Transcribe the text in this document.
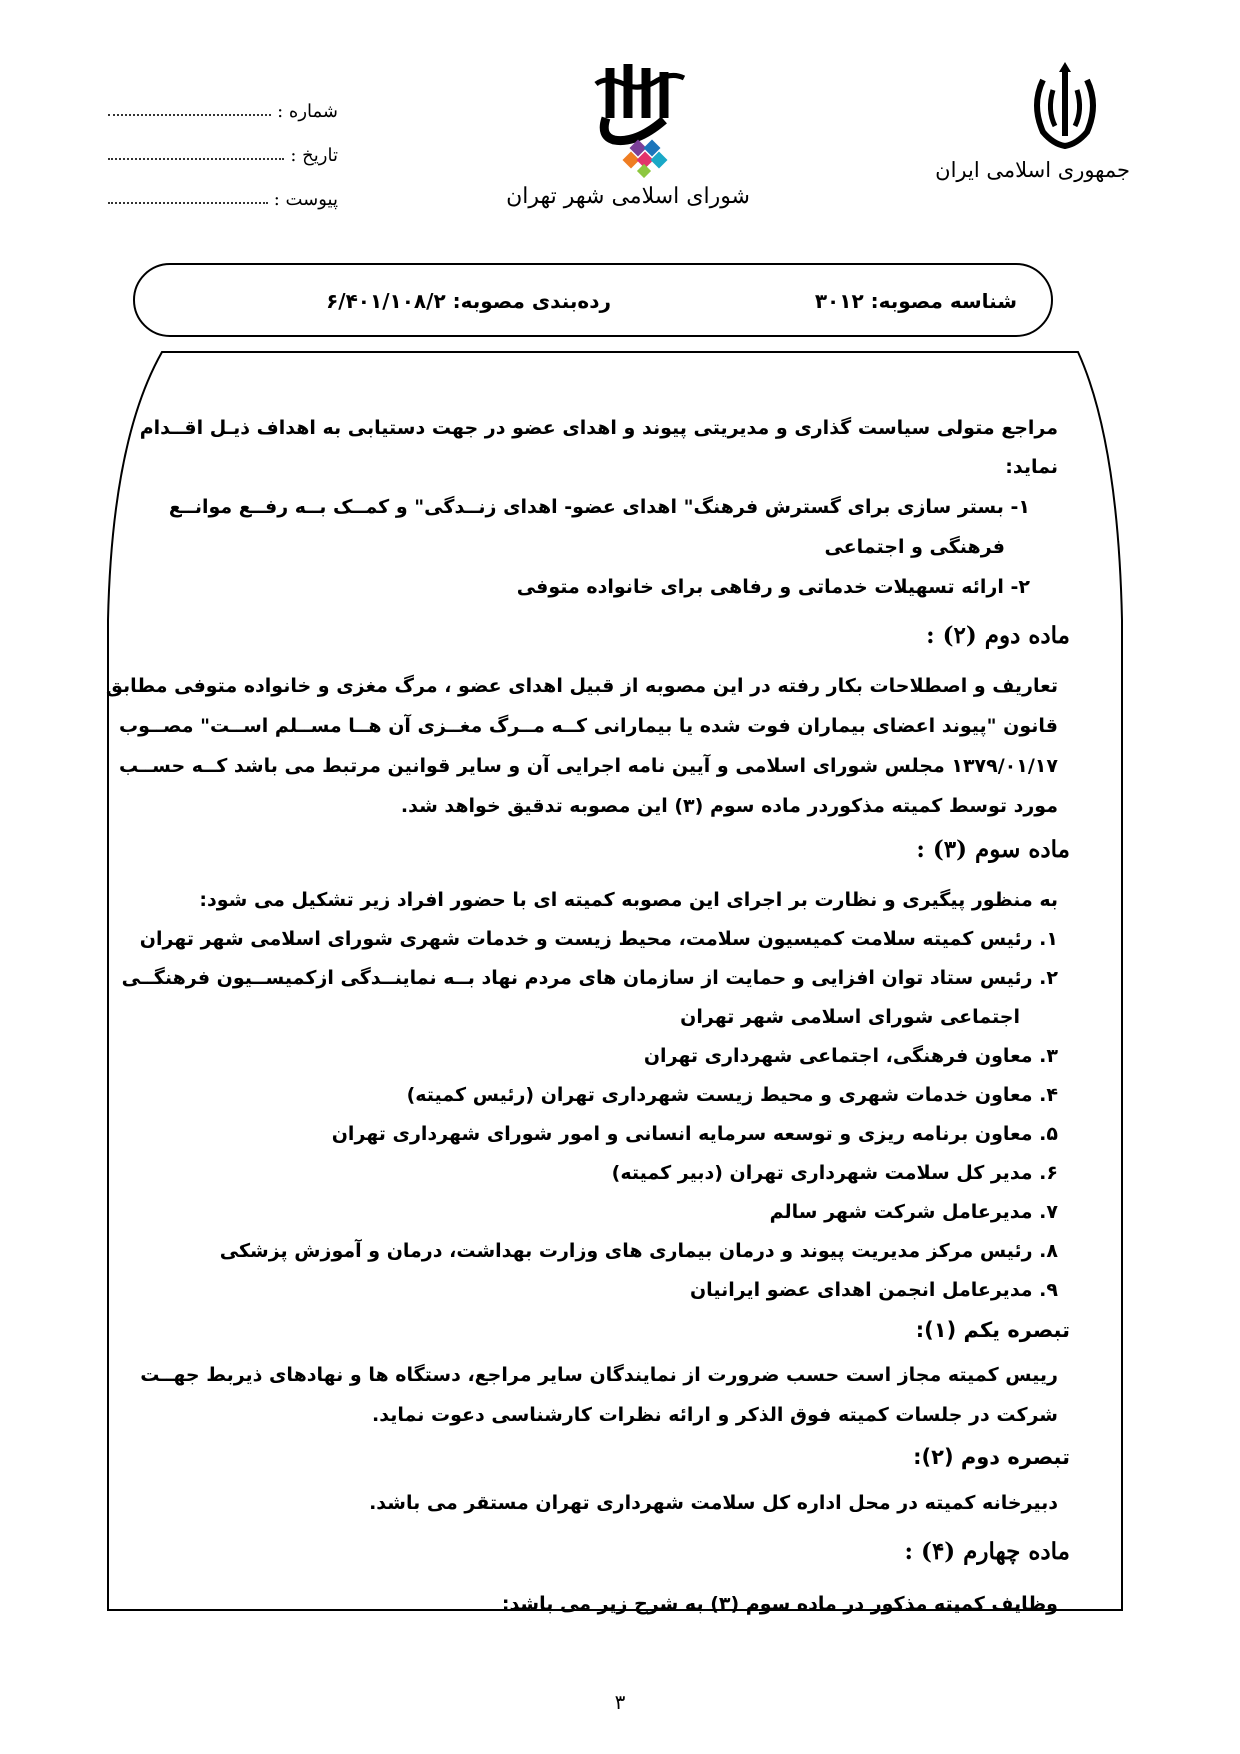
جمهوری اسلامی ایران
شورای اسلامی شهر تهران
شماره :
تاریخ :
پیوست :
شناسه مصوبه: ۳۰۱۲
رده‌بندی مصوبه: ۶/۴۰۱/۱۰۸/۲
مراجع متولی سیاست گذاری و مدیریتی پیوند و اهدای عضو در جهت دستیابی به اهداف ذیـل اقــدام
نماید:
۱- بستر سازی برای گسترش فرهنگ" اهدای عضو- اهدای زنــدگی" و کمــک بــه رفــع موانــع
فرهنگی و اجتماعی
۲- ارائه تسهیلات خدماتی و رفاهی برای خانواده متوفی
ماده دوم (۲) :
تعاریف و اصطلاحات بکار رفته در این مصوبه از قبیل اهدای عضو ، مرگ مغزی و خانواده متوفی مطابق
قانون "پیوند اعضای بیماران فوت شده یا بیمارانی کــه مــرگ مغــزی آن هــا مســلم اســت" مصــوب
۱۳۷۹/۰۱/۱۷ مجلس شورای اسلامی و آیین نامه اجرایی آن و سایر قوانین مرتبط می باشد کــه حســب
مورد توسط کمیته مذکوردر ماده سوم (۳) این مصوبه تدقیق خواهد شد.
ماده سوم (۳) :
به منظور پیگیری و نظارت بر اجرای این مصوبه کمیته ای با حضور افراد زیر تشکیل می شود:
۱. رئیس کمیته سلامت کمیسیون سلامت، محیط زیست و خدمات شهری شورای اسلامی شهر تهران
۲. رئیس ستاد توان افزایی و حمایت از سازمان های مردم نهاد بــه نماینــدگی ازکمیســیون فرهنگــی
اجتماعی شورای اسلامی شهر تهران
۳. معاون فرهنگی، اجتماعی شهرداری تهران
۴. معاون خدمات شهری و محیط زیست شهرداری تهران (رئیس کمیته)
۵. معاون برنامه ریزی و توسعه سرمایه انسانی و امور شورای شهرداری تهران
۶. مدیر کل سلامت شهرداری تهران (دبیر کمیته)
۷. مدیرعامل شرکت شهر سالم
۸. رئیس مرکز مدیریت پیوند و درمان بیماری های وزارت بهداشت، درمان و آموزش پزشکی
۹. مدیرعامل انجمن اهدای عضو ایرانیان
تبصره یکم (۱):
رییس کمیته مجاز است حسب ضرورت از نمایندگان سایر مراجع، دستگاه ها و نهادهای ذیربط جهــت
شرکت در جلسات کمیته فوق الذکر و ارائه نظرات کارشناسی دعوت نماید.
تبصره دوم (۲):
دبیرخانه کمیته در محل اداره کل سلامت شهرداری تهران مستقر می باشد.
ماده چهارم (۴) :
وظایف کمیته مذکور در ماده سوم (۳) به شرح زیر می باشد:
۳
